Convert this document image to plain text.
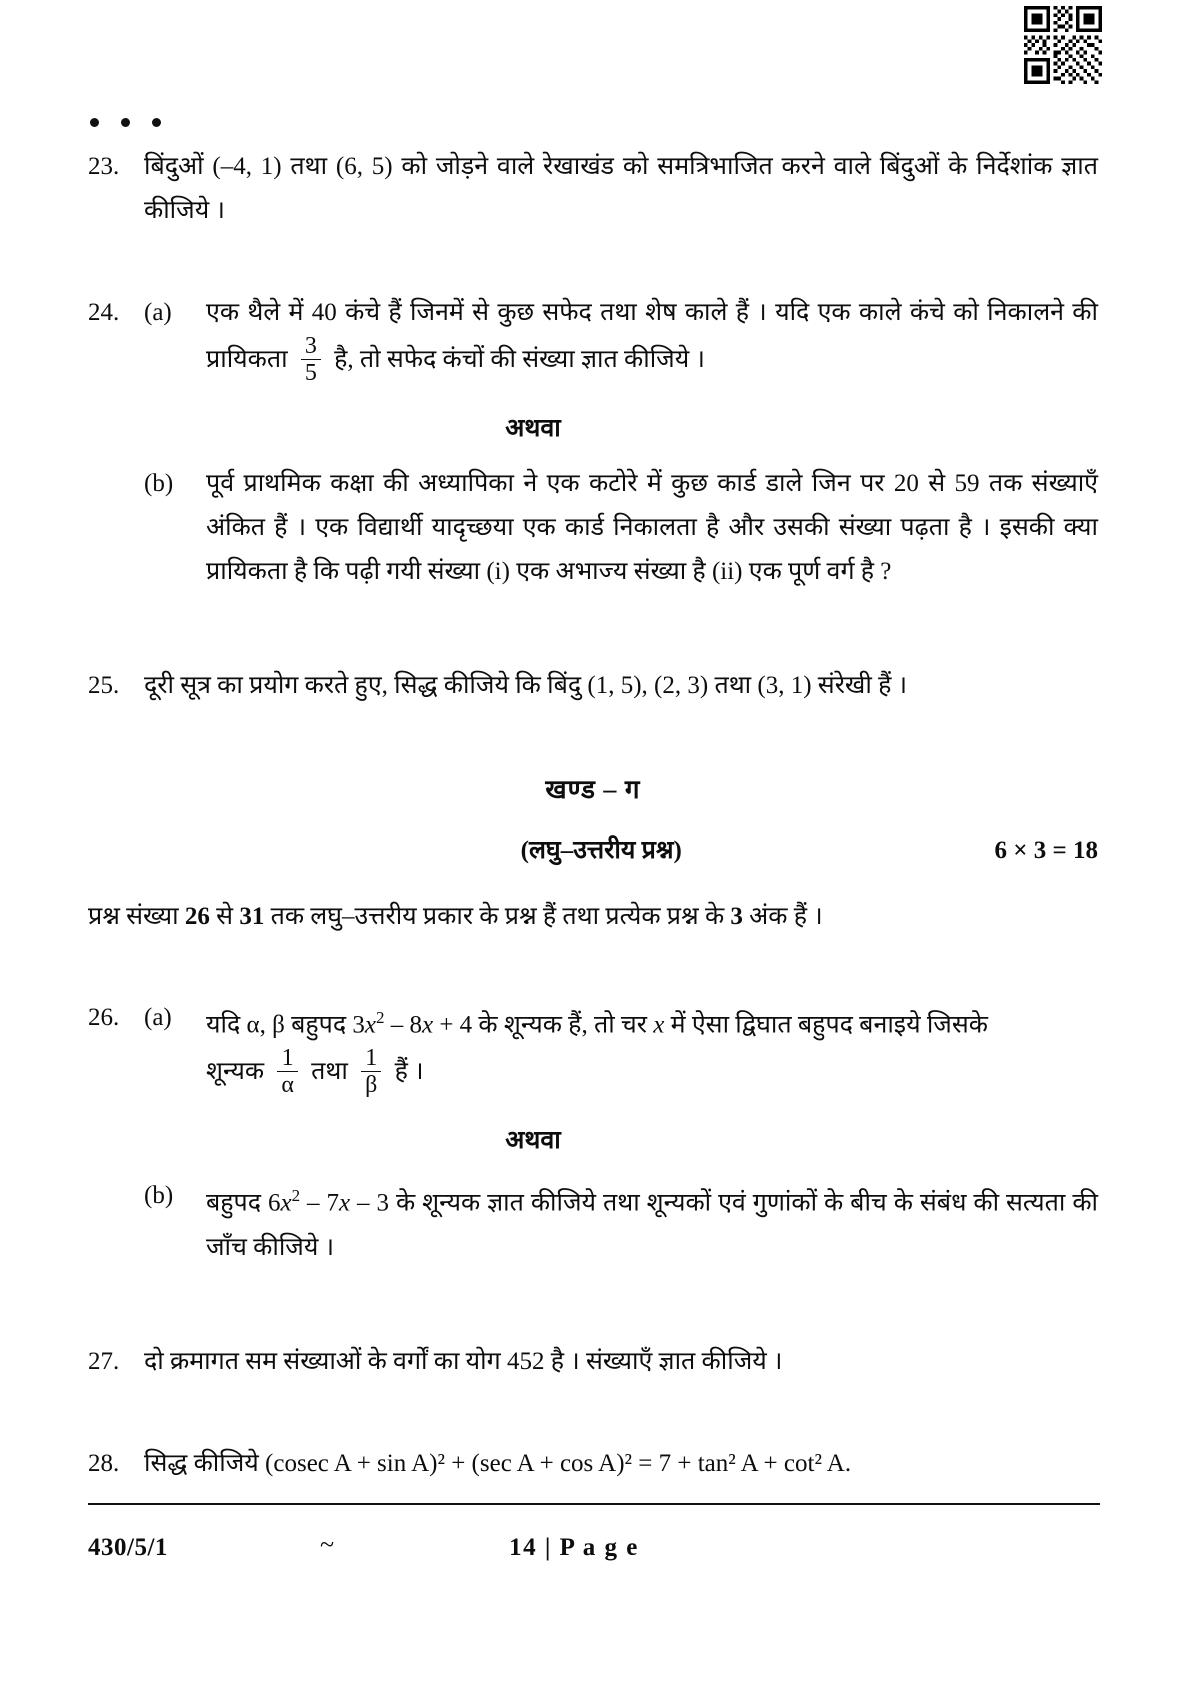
23. बिंदुओं (–4, 1) तथा (6, 5) को जोड़ने वाले रेखाखंड को समत्रिभाजित करने वाले बिंदुओं के निर्देशांक ज्ञात कीजिये ।
24. (a)	एक थैले में 40 कंचे हैं जिनमें से कुछ सफेद तथा शेष काले हैं । यदि एक काले कंचे को निकालने की प्रायिकता $\frac{3}{5}$ है, तो सफेद कंचों की संख्या ज्ञात कीजिये ।
अथवा
(b)	पूर्व प्राथमिक कक्षा की अध्यापिका ने एक कटोरे में कुछ कार्ड डाले जिन पर 20 से 59 तक संख्याएँ अंकित हैं । एक विद्यार्थी यादृच्छया एक कार्ड निकालता है और उसकी संख्या पढ़ता है । इसकी क्या प्रायिकता है कि पढ़ी गयी संख्या (i) एक अभाज्य संख्या है (ii) एक पूर्ण वर्ग है ?
25. दूरी सूत्र का प्रयोग करते हुए, सिद्ध कीजिये कि बिंदु (1, 5), (2, 3) तथा (3, 1) संरेखी हैं ।
खण्ड – ग
(लघु–उत्तरीय प्रश्न)	6 × 3 = 18
प्रश्न संख्या 26 से 31 तक लघु–उत्तरीय प्रकार के प्रश्न हैं तथा प्रत्येक प्रश्न के 3 अंक हैं ।
26. (a)	यदि α, β बहुपद $3x^2 - 8x + 4$ के शून्यक हैं, तो चर x में ऐसा द्विघात बहुपद बनाइये जिसके
शून्यक $\frac{1}{\alpha}$ तथा $\frac{1}{\beta}$ हैं ।
अथवा
(b)	बहुपद $6x^2 - 7x - 3$ के शून्यक ज्ञात कीजिये तथा शून्यकों एवं गुणांकों के बीच के संबंध की सत्यता की जाँच कीजिये ।
27. दो क्रमागत सम संख्याओं के वर्गों का योग 452 है । संख्याएँ ज्ञात कीजिये ।
28. सिद्ध कीजिये (cosec A + sin A)² + (sec A + cos A)² = 7 + tan² A + cot² A.
430/5/1	~	14 | P a g e
